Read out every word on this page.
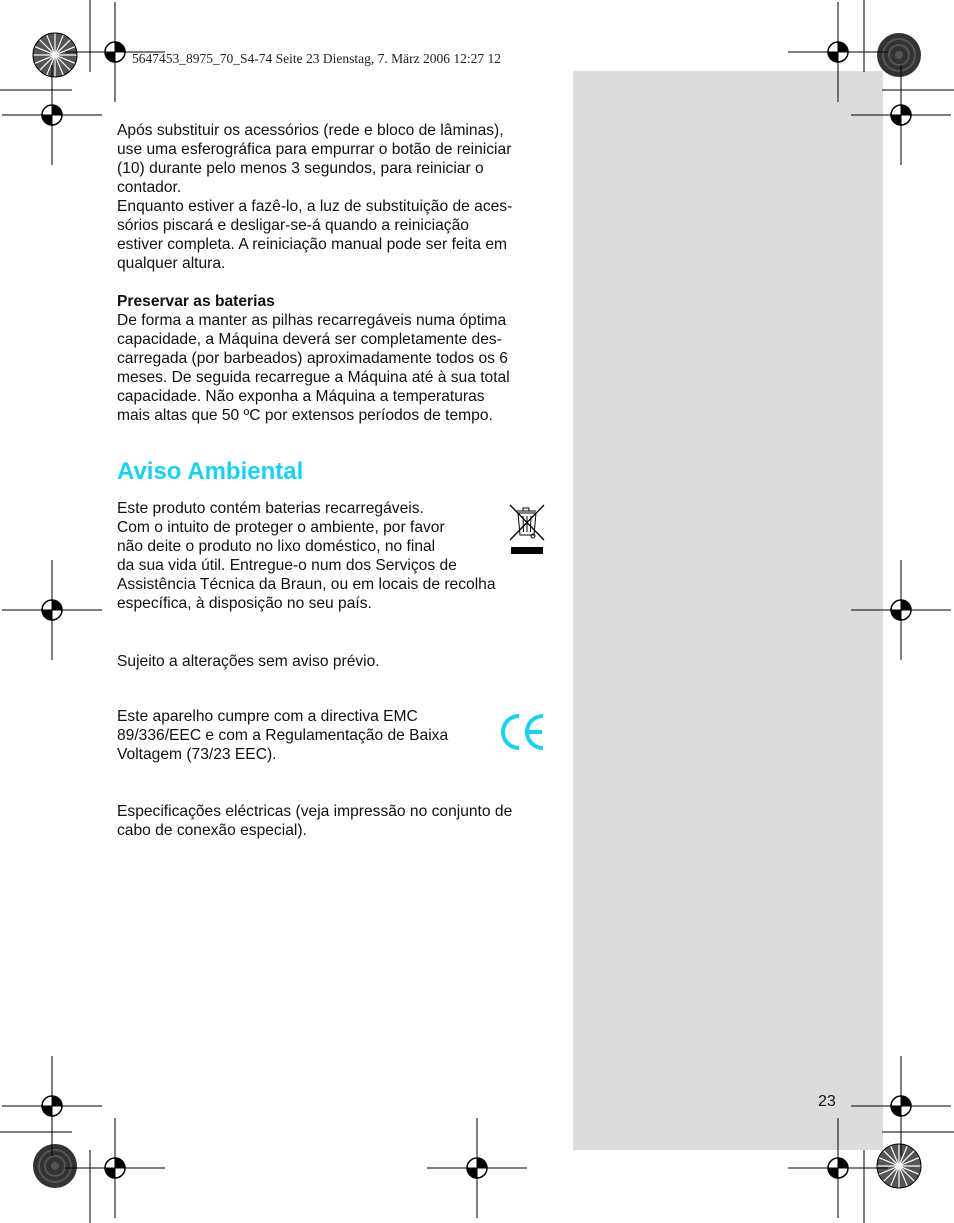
5647453_8975_70_S4-74 Seite 23 Dienstag, 7. März 2006 12:27 12

Após substituir os acessórios (rede e bloco de lâminas),

use uma esferográfica para empurrar o botão de reiniciar

(10) durante pelo menos 3 segundos, para reiniciar o

contador.

Enquanto estiver a fazê-lo, a luz de substituição de aces-

sórios piscará e desligar-se-á quando a reiniciação

estiver completa. A reiniciação manual pode ser feita em

qualquer altura.

Preservar as baterias

De forma a manter as pilhas recarregáveis numa óptima

capacidade, a Máquina deverá ser completamente des-

carregada (por barbeados) aproximadamente todos os 6

meses. De seguida recarregue a Máquina até à sua total

capacidade. Não exponha a Máquina a temperaturas

mais altas que 50 ºC por extensos períodos de tempo.

Aviso Ambiental

Este produto contém baterias recarregáveis.

Com o intuito de proteger o ambiente, por favor

não deite o produto no lixo doméstico, no final

da sua vida útil. Entregue-o num dos Serviços de

Assistência Técnica da Braun, ou em locais de recolha

específica, à disposição no seu país.

Sujeito a alterações sem aviso prévio.

Este aparelho cumpre com a directiva EMC

89/336/EEC e com a Regulamentação de Baixa

Voltagem (73/23 EEC).

Especificações eléctricas (veja impressão no conjunto de

cabo de conexão especial).

23
